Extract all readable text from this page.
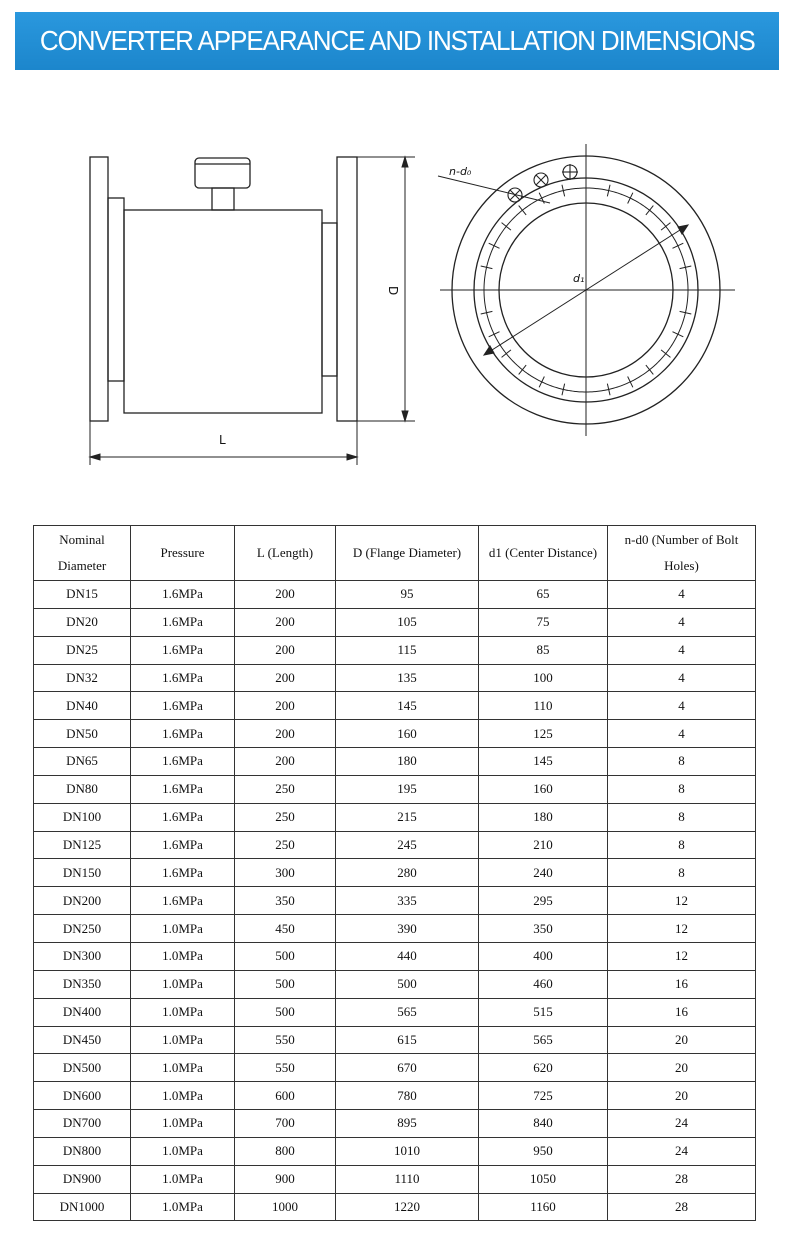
CONVERTER APPEARANCE AND INSTALLATION DIMENSIONS
L
D
n-d₀
d₁
Nominal Diameter	Pressure	L (Length)	D (Flange Diameter)	d1 (Center Distance)	n-d0 (Number of Bolt Holes)
DN15	1.6MPa	200	95	65	4
DN20	1.6MPa	200	105	75	4
DN25	1.6MPa	200	115	85	4
DN32	1.6MPa	200	135	100	4
DN40	1.6MPa	200	145	110	4
DN50	1.6MPa	200	160	125	4
DN65	1.6MPa	200	180	145	8
DN80	1.6MPa	250	195	160	8
DN100	1.6MPa	250	215	180	8
DN125	1.6MPa	250	245	210	8
DN150	1.6MPa	300	280	240	8
DN200	1.6MPa	350	335	295	12
DN250	1.0MPa	450	390	350	12
DN300	1.0MPa	500	440	400	12
DN350	1.0MPa	500	500	460	16
DN400	1.0MPa	500	565	515	16
DN450	1.0MPa	550	615	565	20
DN500	1.0MPa	550	670	620	20
DN600	1.0MPa	600	780	725	20
DN700	1.0MPa	700	895	840	24
DN800	1.0MPa	800	1010	950	24
DN900	1.0MPa	900	1110	1050	28
DN1000	1.0MPa	1000	1220	1160	28
